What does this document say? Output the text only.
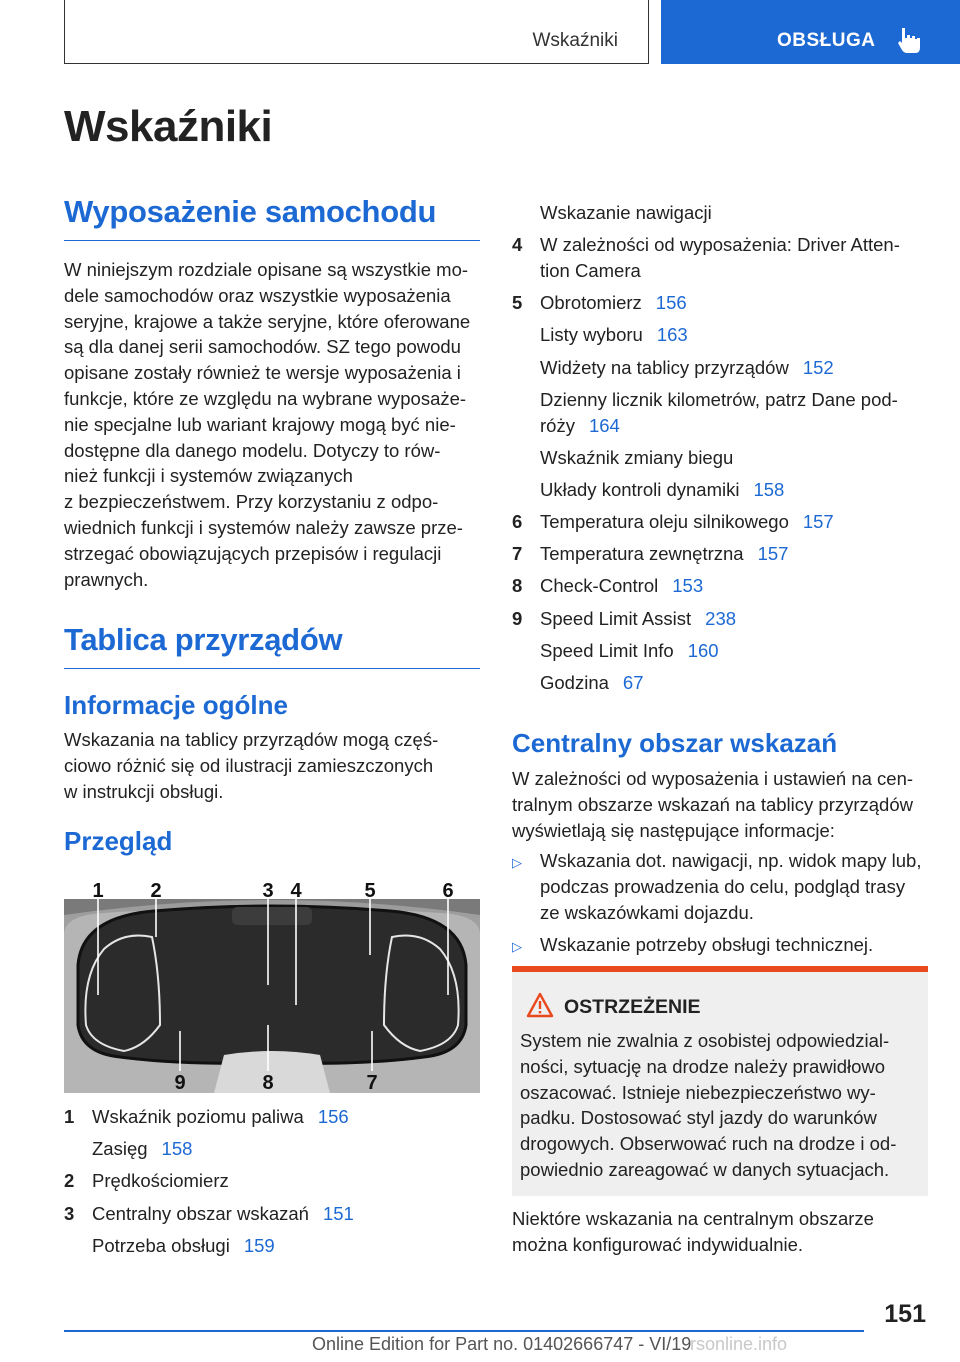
Wskaźniki	OBSŁUGA
Wskaźniki
Wyposażenie samochodu
W niniejszym rozdziale opisane są wszystkie mo-
dele samochodów oraz wszystkie wyposażenia
seryjne, krajowe a także seryjne, które oferowane
są dla danej serii samochodów. SZ tego powodu
opisane zostały również te wersje wyposażenia i
funkcje, które ze względu na wybrane wyposaże-
nie specjalne lub wariant krajowy mogą być nie-
dostępne dla danego modelu. Dotyczy to rów-
nież funkcji i systemów związanych
z bezpieczeństwem. Przy korzystaniu z odpo-
wiednich funkcji i systemów należy zawsze prze-
strzegać obowiązujących przepisów i regulacji
prawnych.
Tablica przyrządów
Informacje ogólne
Wskazania na tablicy przyrządów mogą częś-
ciowo różnić się od ilustracji zamieszczonych
w instrukcji obsługi.
Przegląd
1 2	3 4	5	6
9	8	7
1 Wskaźnik poziomu paliwa 156
Zasięg 158
2 Prędkościomierz
3 Centralny obszar wskazań 151
Potrzeba obsługi 159
Wskazanie nawigacji
4 W zależności od wyposażenia: Driver Atten-
tion Camera
5 Obrotomierz 156
Listy wyboru 163
Widżety na tablicy przyrządów 152
Dzienny licznik kilometrów, patrz Dane pod-
róży 164
Wskaźnik zmiany biegu
Układy kontroli dynamiki 158
6 Temperatura oleju silnikowego 157
7 Temperatura zewnętrzna 157
8 Check-Control 153
9 Speed Limit Assist 238
Speed Limit Info 160
Godzina 67
Centralny obszar wskazań
W zależności od wyposażenia i ustawień na cen-
tralnym obszarze wskazań na tablicy przyrządów
wyświetlają się następujące informacje:
▷ Wskazania dot. nawigacji, np. widok mapy lub,
podczas prowadzenia do celu, podgląd trasy
ze wskazówkami dojazdu.
▷ Wskazanie potrzeby obsługi technicznej.
OSTRZEŻENIE
System nie zwalnia z osobistej odpowiedzial-
ności, sytuację na drodze należy prawidłowo
oszacować. Istnieje niebezpieczeństwo wy-
padku. Dostosować styl jazdy do warunków
drogowych. Obserwować ruch na drodze i od-
powiednio zareagować w danych sytuacjach.
Niektóre wskazania na centralnym obszarze
można konfigurować indywidualnie.
151
Online Edition for Part no. 01402666747 - VI/19
rsonline.info
